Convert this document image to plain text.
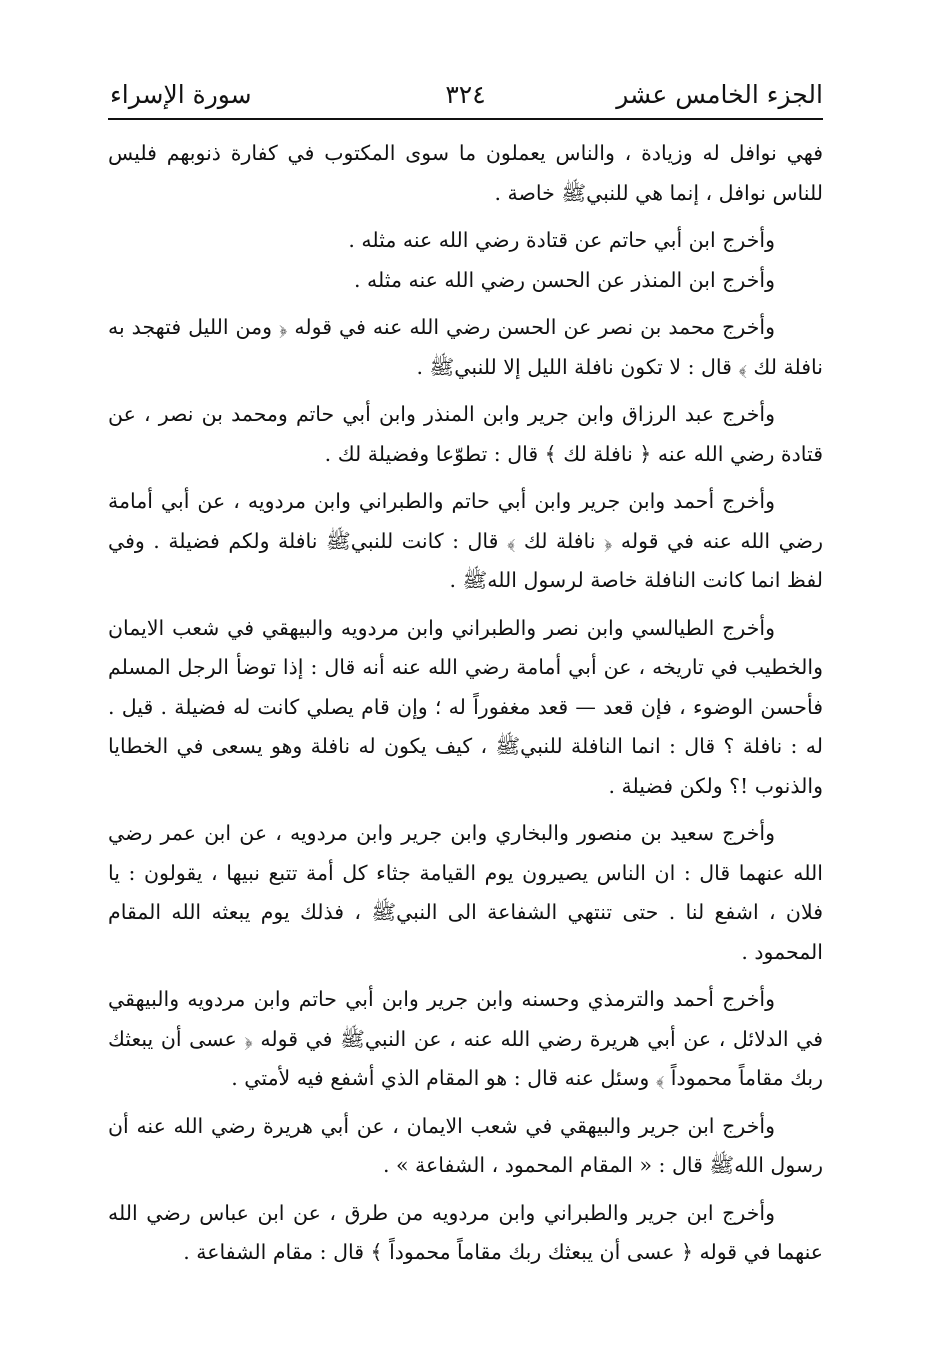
الجزء الخامس عشر
٣٢٤
سورة الإسراء

فهي نوافل له وزيادة ، والناس يعملون ما سوى المكتوب في كفارة ذنوبهم فليس للناس نوافل ، إنما هي للنبيﷺ خاصة .

وأخرج ابن أبي حاتم عن قتادة رضي الله عنه مثله .

وأخرج ابن المنذر عن الحسن رضي الله عنه مثله .

وأخرج محمد بن نصر عن الحسن رضي الله عنه في قوله ﴿ ومن الليل فتهجد به نافلة لك ﴾ قال : لا تكون نافلة الليل إلا للنبيﷺ .

وأخرج عبد الرزاق وابن جرير وابن المنذر وابن أبي حاتم ومحمد بن نصر ، عن قتادة رضي الله عنه ﴿ نافلة لك ﴾ قال : تطوّعا وفضيلة لك .

وأخرج أحمد وابن جرير وابن أبي حاتم والطبراني وابن مردويه ، عن أبي أمامة رضي الله عنه في قوله ﴿ نافلة لك ﴾ قال : كانت للنبيﷺ نافلة ولكم فضيلة . وفي لفظ انما كانت النافلة خاصة لرسول اللهﷺ .

وأخرج الطيالسي وابن نصر والطبراني وابن مردويه والبيهقي في شعب الايمان والخطيب في تاريخه ، عن أبي أمامة رضي الله عنه أنه قال : إذا توضأ الرجل المسلم فأحسن الوضوء ، فإن قعد — قعد مغفوراً له ؛ وإن قام يصلي كانت له فضيلة . قيل . له : نافلة ؟ قال : انما النافلة للنبيﷺ ، كيف يكون له نافلة وهو يسعى في الخطايا والذنوب !؟ ولكن فضيلة .

وأخرج سعيد بن منصور والبخاري وابن جرير وابن مردويه ، عن ابن عمر رضي الله عنهما قال : ان الناس يصيرون يوم القيامة جثاء كل أمة تتبع نبيها ، يقولون : يا فلان ، اشفع لنا . حتى تنتهي الشفاعة الى النبيﷺ ، فذلك يوم يبعثه الله المقام المحمود .

وأخرج أحمد والترمذي وحسنه وابن جرير وابن أبي حاتم وابن مردويه والبيهقي في الدلائل ، عن أبي هريرة رضي الله عنه ، عن النبيﷺ في قوله ﴿ عسى أن يبعثك ربك مقاماً محموداً ﴾ وسئل عنه قال : هو المقام الذي أشفع فيه لأمتي .

وأخرج ابن جرير والبيهقي في شعب الايمان ، عن أبي هريرة رضي الله عنه أن رسول اللهﷺ قال : « المقام المحمود ، الشفاعة » .

وأخرج ابن جرير والطبراني وابن مردويه من طرق ، عن ابن عباس رضي الله عنهما في قوله ﴿ عسى أن يبعثك ربك مقاماً محموداً ﴾ قال : مقام الشفاعة .
